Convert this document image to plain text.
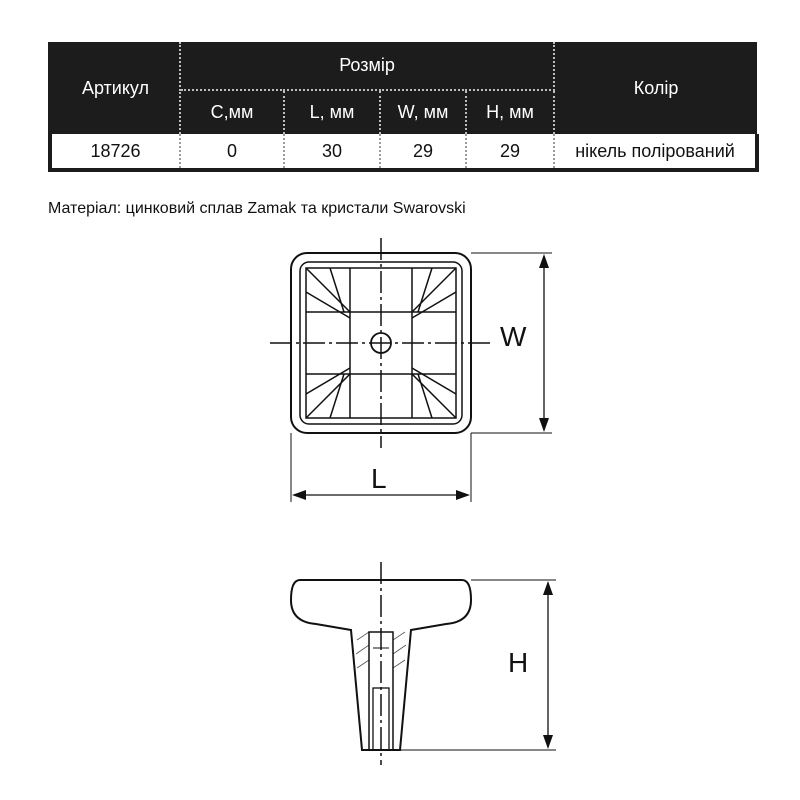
Артикул	Розмір				Колір
	C,мм	L, мм	W, мм	H, мм	
18726	0	30	29	29	нікель полірований
Матеріал: цинковий сплав Zamak та кристали Swarovski
W
L
H
